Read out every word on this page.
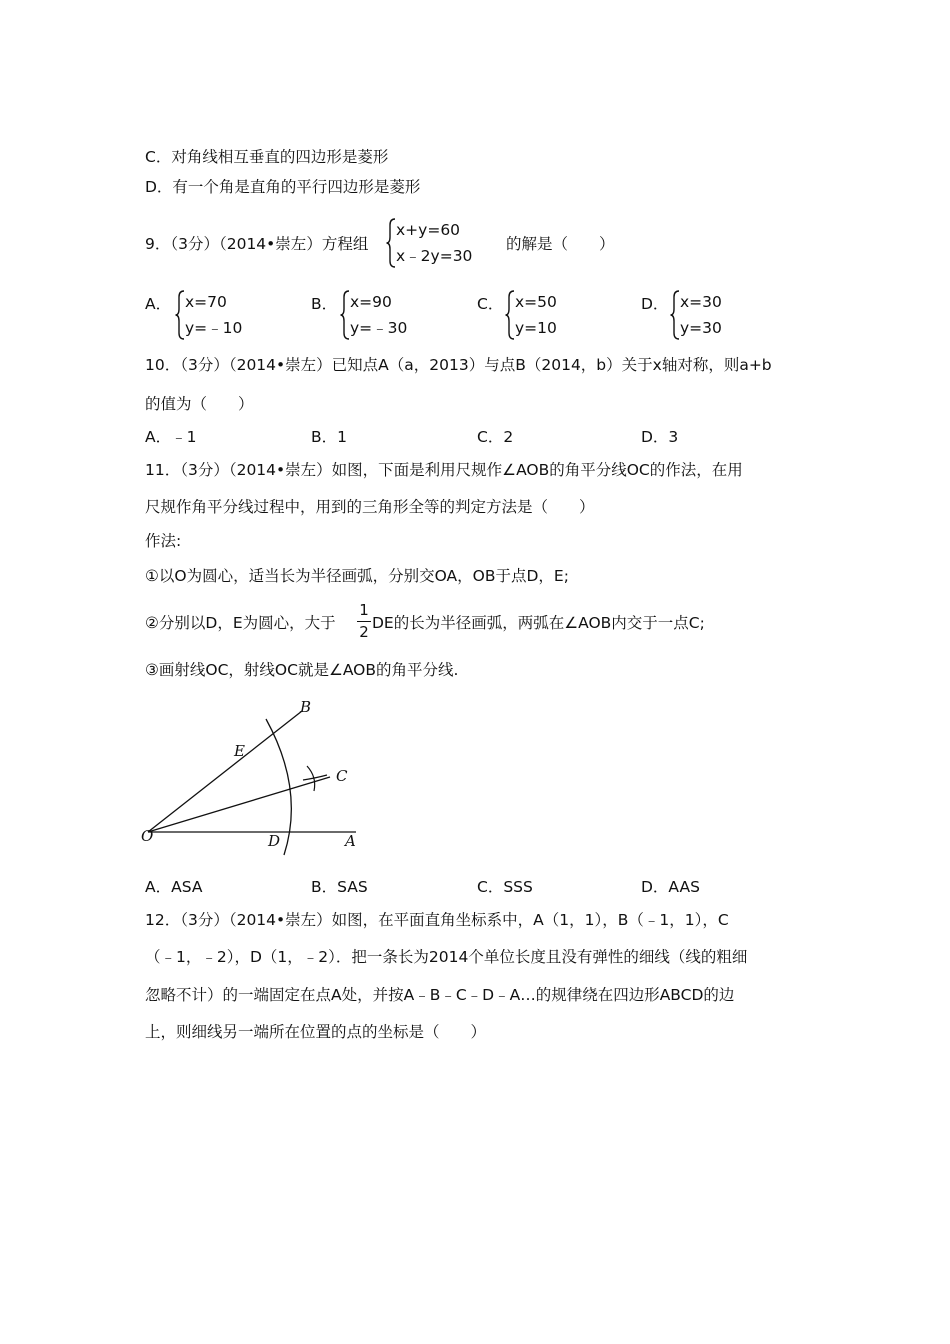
C．对角线相互垂直的四边形是菱形
D．有一个角是直角的平行四边形是菱形
9．（3分）（2014•崇左）方程组
x+y=60
x﹣2y=30
的解是（　　）
A． x=70
y=﹣10
B． x=90
y=﹣30
C． x=50
y=10
D． x=30
y=30
10．（3分）（2014•崇左）已知点A（a，2013）与点B（2014，b）关于x轴对称，则a+b
的值为（　　）
A．﹣1	B．1	C．2	D．3
11．（3分）（2014•崇左）如图，下面是利用尺规作∠AOB的角平分线OC的作法，在用
尺规作角平分线过程中，用到的三角形全等的判定方法是（　　）
作法:
①以O为圆心，适当长为半径画弧，分别交OA，OB于点D，E;
②分别以D，E为圆心，大于
1
2 DE的长为半径画弧，两弧在∠AOB内交于一点C;
③画射线OC，射线OC就是∠AOB的角平分线.
O	A
B
C
D
E
A．ASA	B．SAS	C．SSS	D．AAS
12．（3分）（2014•崇左）如图，在平面直角坐标系中，A（1，1），B（﹣1，1），C
（﹣1，﹣2），D（1，﹣2）．把一条长为2014个单位长度且没有弹性的细线（线的粗细
忽略不计）的一端固定在点A处，并按A﹣B﹣C﹣D﹣A…的规律绕在四边形ABCD的边
上，则细线另一端所在位置的点的坐标是（　　）
